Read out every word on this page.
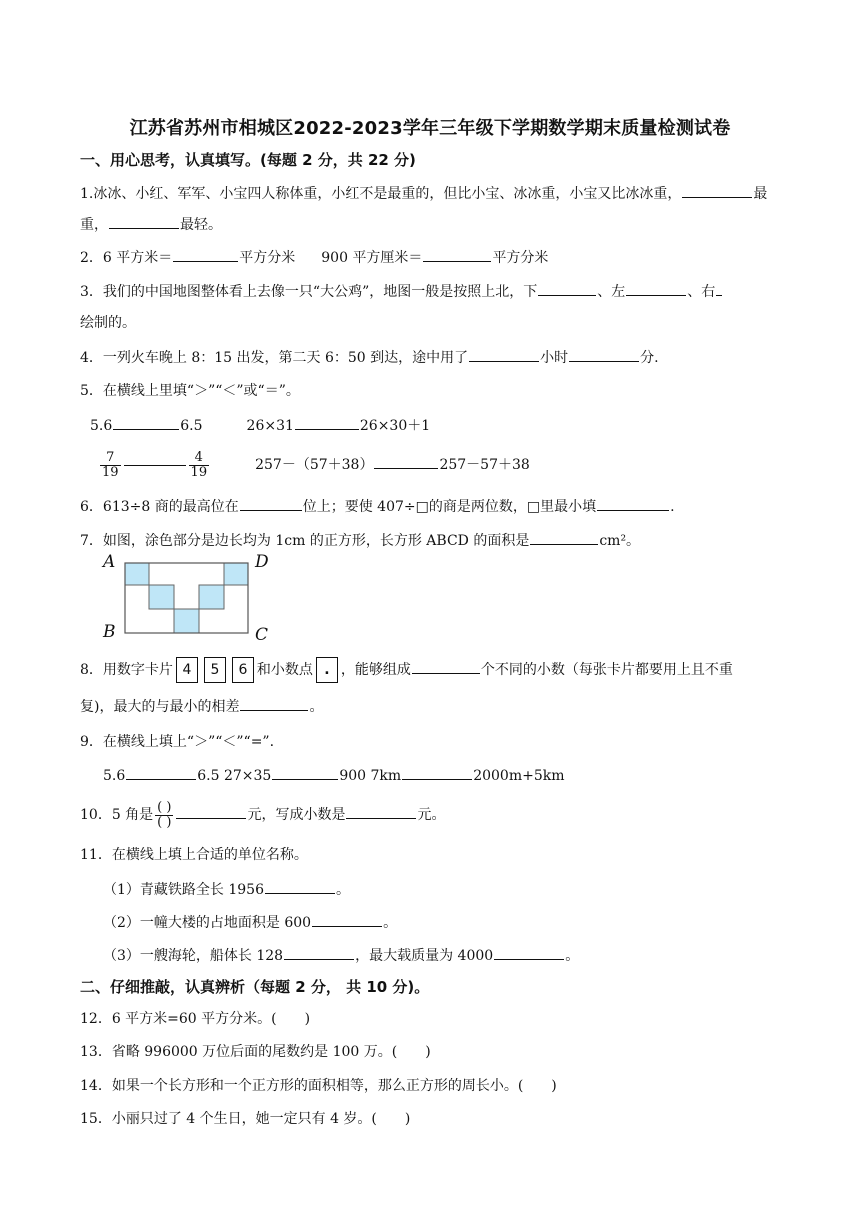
江苏省苏州市相城区2022-2023学年三年级下学期数学期末质量检测试卷
一、用心思考，认真填写。(每题 2 分，共 22 分)
1.冰冰、小红、军军、小宝四人称体重，小红不是最重的，但比小宝、冰冰重，小宝又比冰冰重，	最
重，	最轻。
2．6 平方米＝	平方分米 900 平方厘米＝	平方分米
3．我们的中国地图整体看上去像一只“大公鸡”，地图一般是按照上北，下	、左	、右
绘制的。
4．一列火车晚上 8：15 出发，第二天 6：50 到达，途中用了	小时	分.
5．在横线上里填“＞”“＜”或“＝”。
5.6	6.5	26×31	26×30＋1
$\frac{7}{19}$	$\frac{4}{19}$	257－（57＋38）	257－57＋38
6．613÷8 商的最高位在	位上；要使 407÷□的商是两位数，□里最小填	.
7．如图，涂色部分是边长均为 1cm 的正方形，长方形 ABCD 的面积是	cm²。
A	D
B	C
8．用数字卡片 4 5 6 和小数点 . ，能够组成	个不同的小数（每张卡片都要用上且不重
复)，最大的与最小的相差	。
9．在横线上填上“＞”“＜”“=”.
5.6	6.5 27×35	900 7km	2000m+5km
10．5 角是 $\frac{( )}{( )}$	元，写成小数是	元。
11．在横线上填上合适的单位名称。
（1）青藏铁路全长 1956	。
（2）一幢大楼的占地面积是 600	。
（3）一艘海轮，船体长 128	，最大载质量为 4000	。
二、仔细推敲，认真辨析（每题 2 分， 共 10 分)。
12．6 平方米=60 平方分米。(　　)
13．省略 996000 万位后面的尾数约是 100 万。(　　)
14．如果一个长方形和一个正方形的面积相等，那么正方形的周长小。(　　)
15．小丽只过了 4 个生日，她一定只有 4 岁。(　　)
